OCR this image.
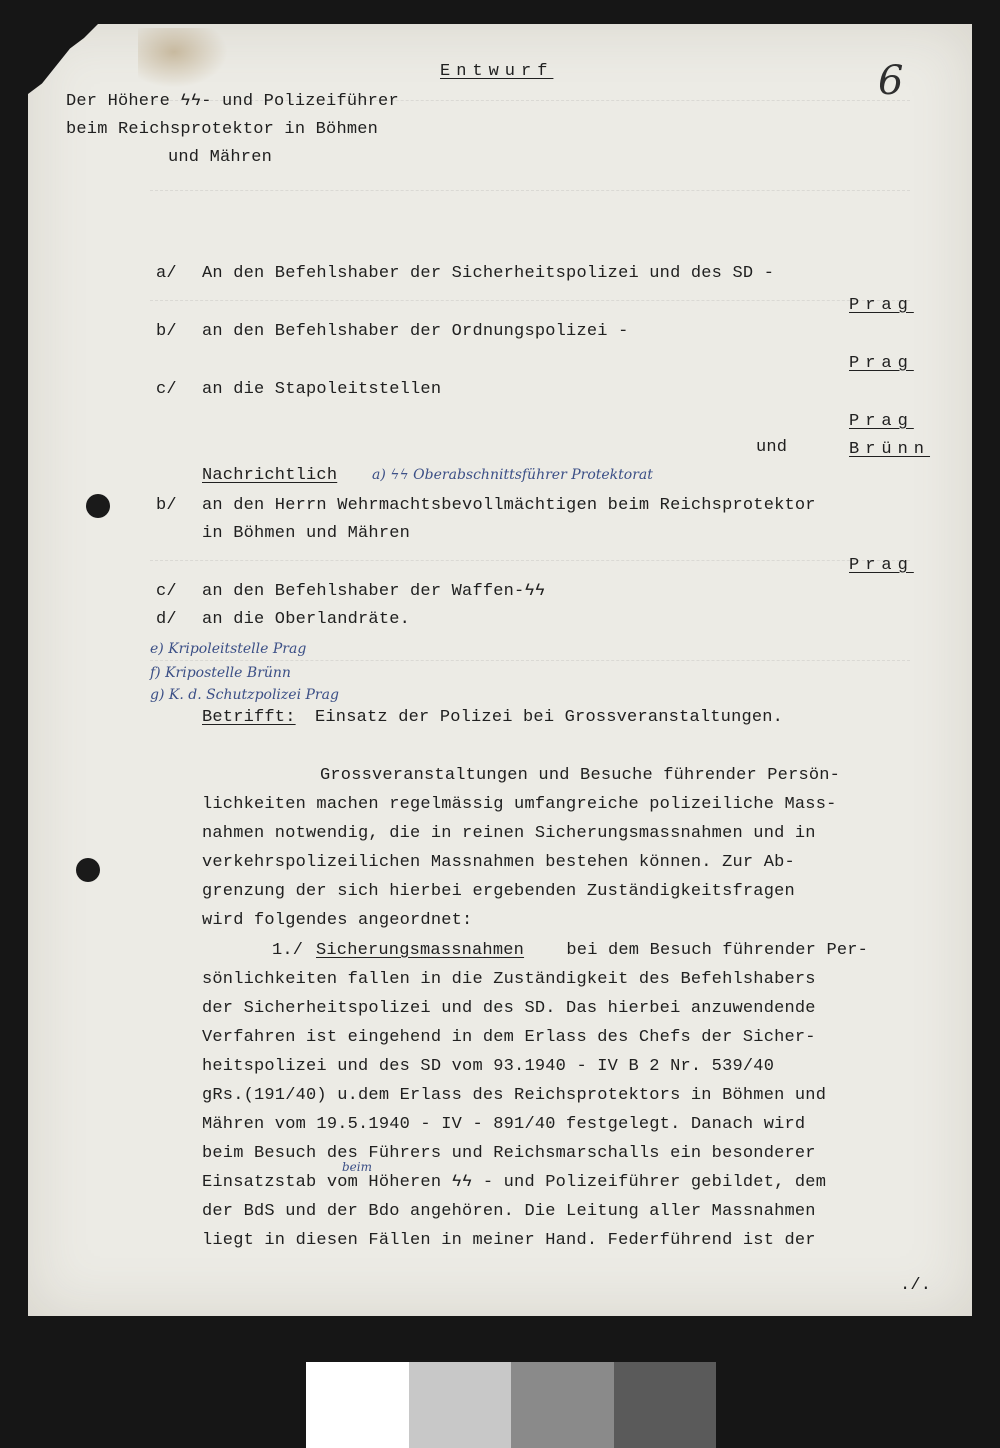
Entwurf	6
Der Höhere ϟϟ- und Polizeiführer
beim Reichsprotektor in Böhmen
und Mähren
a/ An den Befehlshaber der Sicherheitspolizei und des SD -
Prag
b/ an den Befehlshaber der Ordnungspolizei -
Prag
c/ an die Stapoleitstellen
Prag
und	Brünn
Nachrichtlich a) ϟϟ Oberabschnittsführer Protektorat
b/ an den Herrn Wehrmachtsbevollmächtigen beim Reichsprotektor
in Böhmen und Mähren
Prag
c/ an den Befehlshaber der Waffen-ϟϟ
d/ an die Oberlandräte.
e) Kripoleitstelle Prag
f) Kripostelle Brünn
g) K. d. Schutzpolizei Prag
Betrifft: Einsatz der Polizei bei Grossveranstaltungen.
Grossveranstaltungen und Besuche führender Persön-
lichkeiten machen regelmässig umfangreiche polizeiliche Mass-
nahmen notwendig, die in reinen Sicherungsmassnahmen und in
verkehrspolizeilichen Massnahmen bestehen können. Zur Ab-
grenzung der sich hierbei ergebenden Zuständigkeitsfragen
wird folgendes angeordnet:
1./ Sicherungsmassnahmen bei dem Besuch führender Per-
sönlichkeiten fallen in die Zuständigkeit des Befehlshabers
der Sicherheitspolizei und des SD. Das hierbei anzuwendende
Verfahren ist eingehend in dem Erlass des Chefs der Sicher-
heitspolizei und des SD vom 93.1940 - IV B 2 Nr. 539/40
gRs.(191/40) u.dem Erlass des Reichsprotektors in Böhmen und
Mähren vom 19.5.1940 - IV - 891/40 festgelegt. Danach wird
beim Besuch des Führers und Reichsmarschalls ein besonderer
beim
Einsatzstab vom Höheren ϟϟ - und Polizeiführer gebildet, dem
der BdS und der Bdo angehören. Die Leitung aller Massnahmen
liegt in diesen Fällen in meiner Hand. Federführend ist der
./.
